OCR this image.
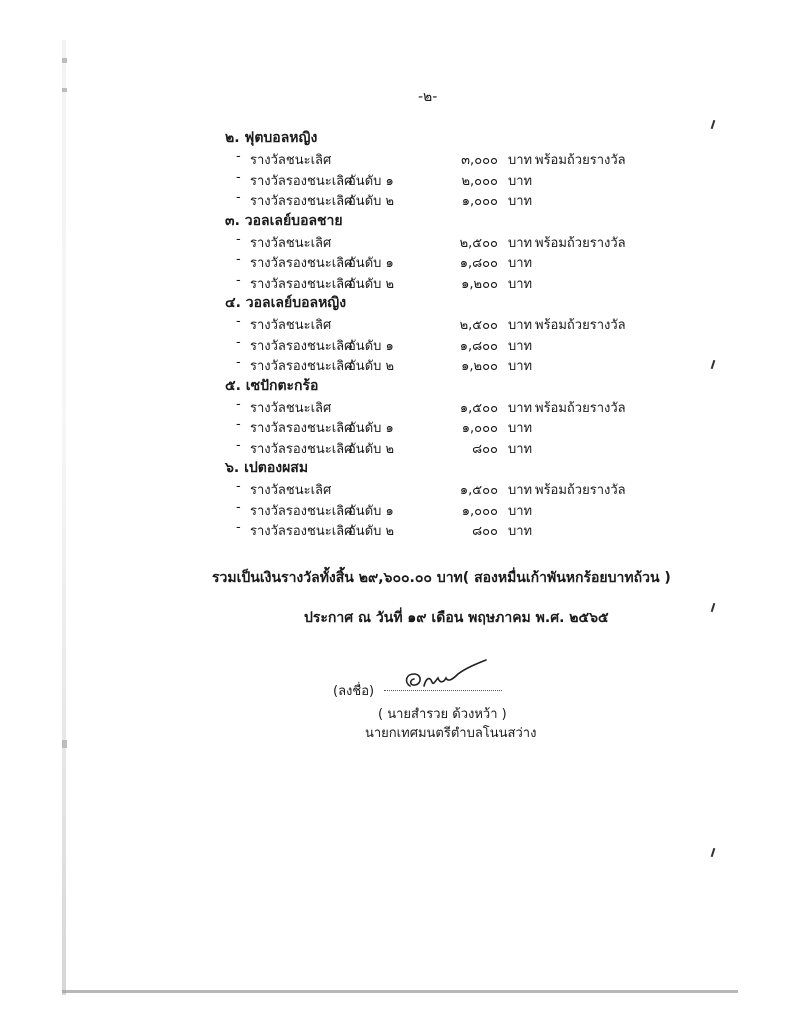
-๒-
๒. ฟุตบอลหญิง
- รางวัลชนะเลิศ	๓,๐๐๐ บาท พร้อมถ้วยรางวัล
- รางวัลรองชนะเลิศ
อันดับ ๑	๒,๐๐๐ บาท
- รางวัลรองชนะเลิศ
อันดับ ๒	๑,๐๐๐ บาท
๓. วอลเลย์บอลชาย
- รางวัลชนะเลิศ	๒,๕๐๐ บาท พร้อมถ้วยรางวัล
- รางวัลรองชนะเลิศ
อันดับ ๑	๑,๘๐๐ บาท
- รางวัลรองชนะเลิศ
อันดับ ๒	๑,๒๐๐ บาท
๔. วอลเลย์บอลหญิง
- รางวัลชนะเลิศ	๒,๕๐๐ บาท พร้อมถ้วยรางวัล
- รางวัลรองชนะเลิศ
อันดับ ๑	๑,๘๐๐ บาท
- รางวัลรองชนะเลิศ
อันดับ ๒	๑,๒๐๐ บาท
๕. เซปักตะกร้อ
- รางวัลชนะเลิศ	๑,๕๐๐ บาท พร้อมถ้วยรางวัล
- รางวัลรองชนะเลิศ
อันดับ ๑	๑,๐๐๐ บาท
- รางวัลรองชนะเลิศ
อันดับ ๒	๘๐๐ บาท
๖. เปตองผสม
- รางวัลชนะเลิศ	๑,๕๐๐ บาท พร้อมถ้วยรางวัล
- รางวัลรองชนะเลิศ
อันดับ ๑	๑,๐๐๐ บาท
- รางวัลรองชนะเลิศ
อันดับ ๒	๘๐๐ บาท
รวมเป็นเงินรางวัลทั้งสิ้น ๒๙,๖๐๐.๐๐ บาท( สองหมื่นเก้าพันหกร้อยบาทถ้วน )
ประกาศ ณ วันที่ ๑๙ เดือน พฤษภาคม พ.ศ. ๒๕๖๕
(ลงชื่อ)
( นายสำรวย ด้วงหว้า )
นายกเทศมนตรีตำบลโนนสว่าง
